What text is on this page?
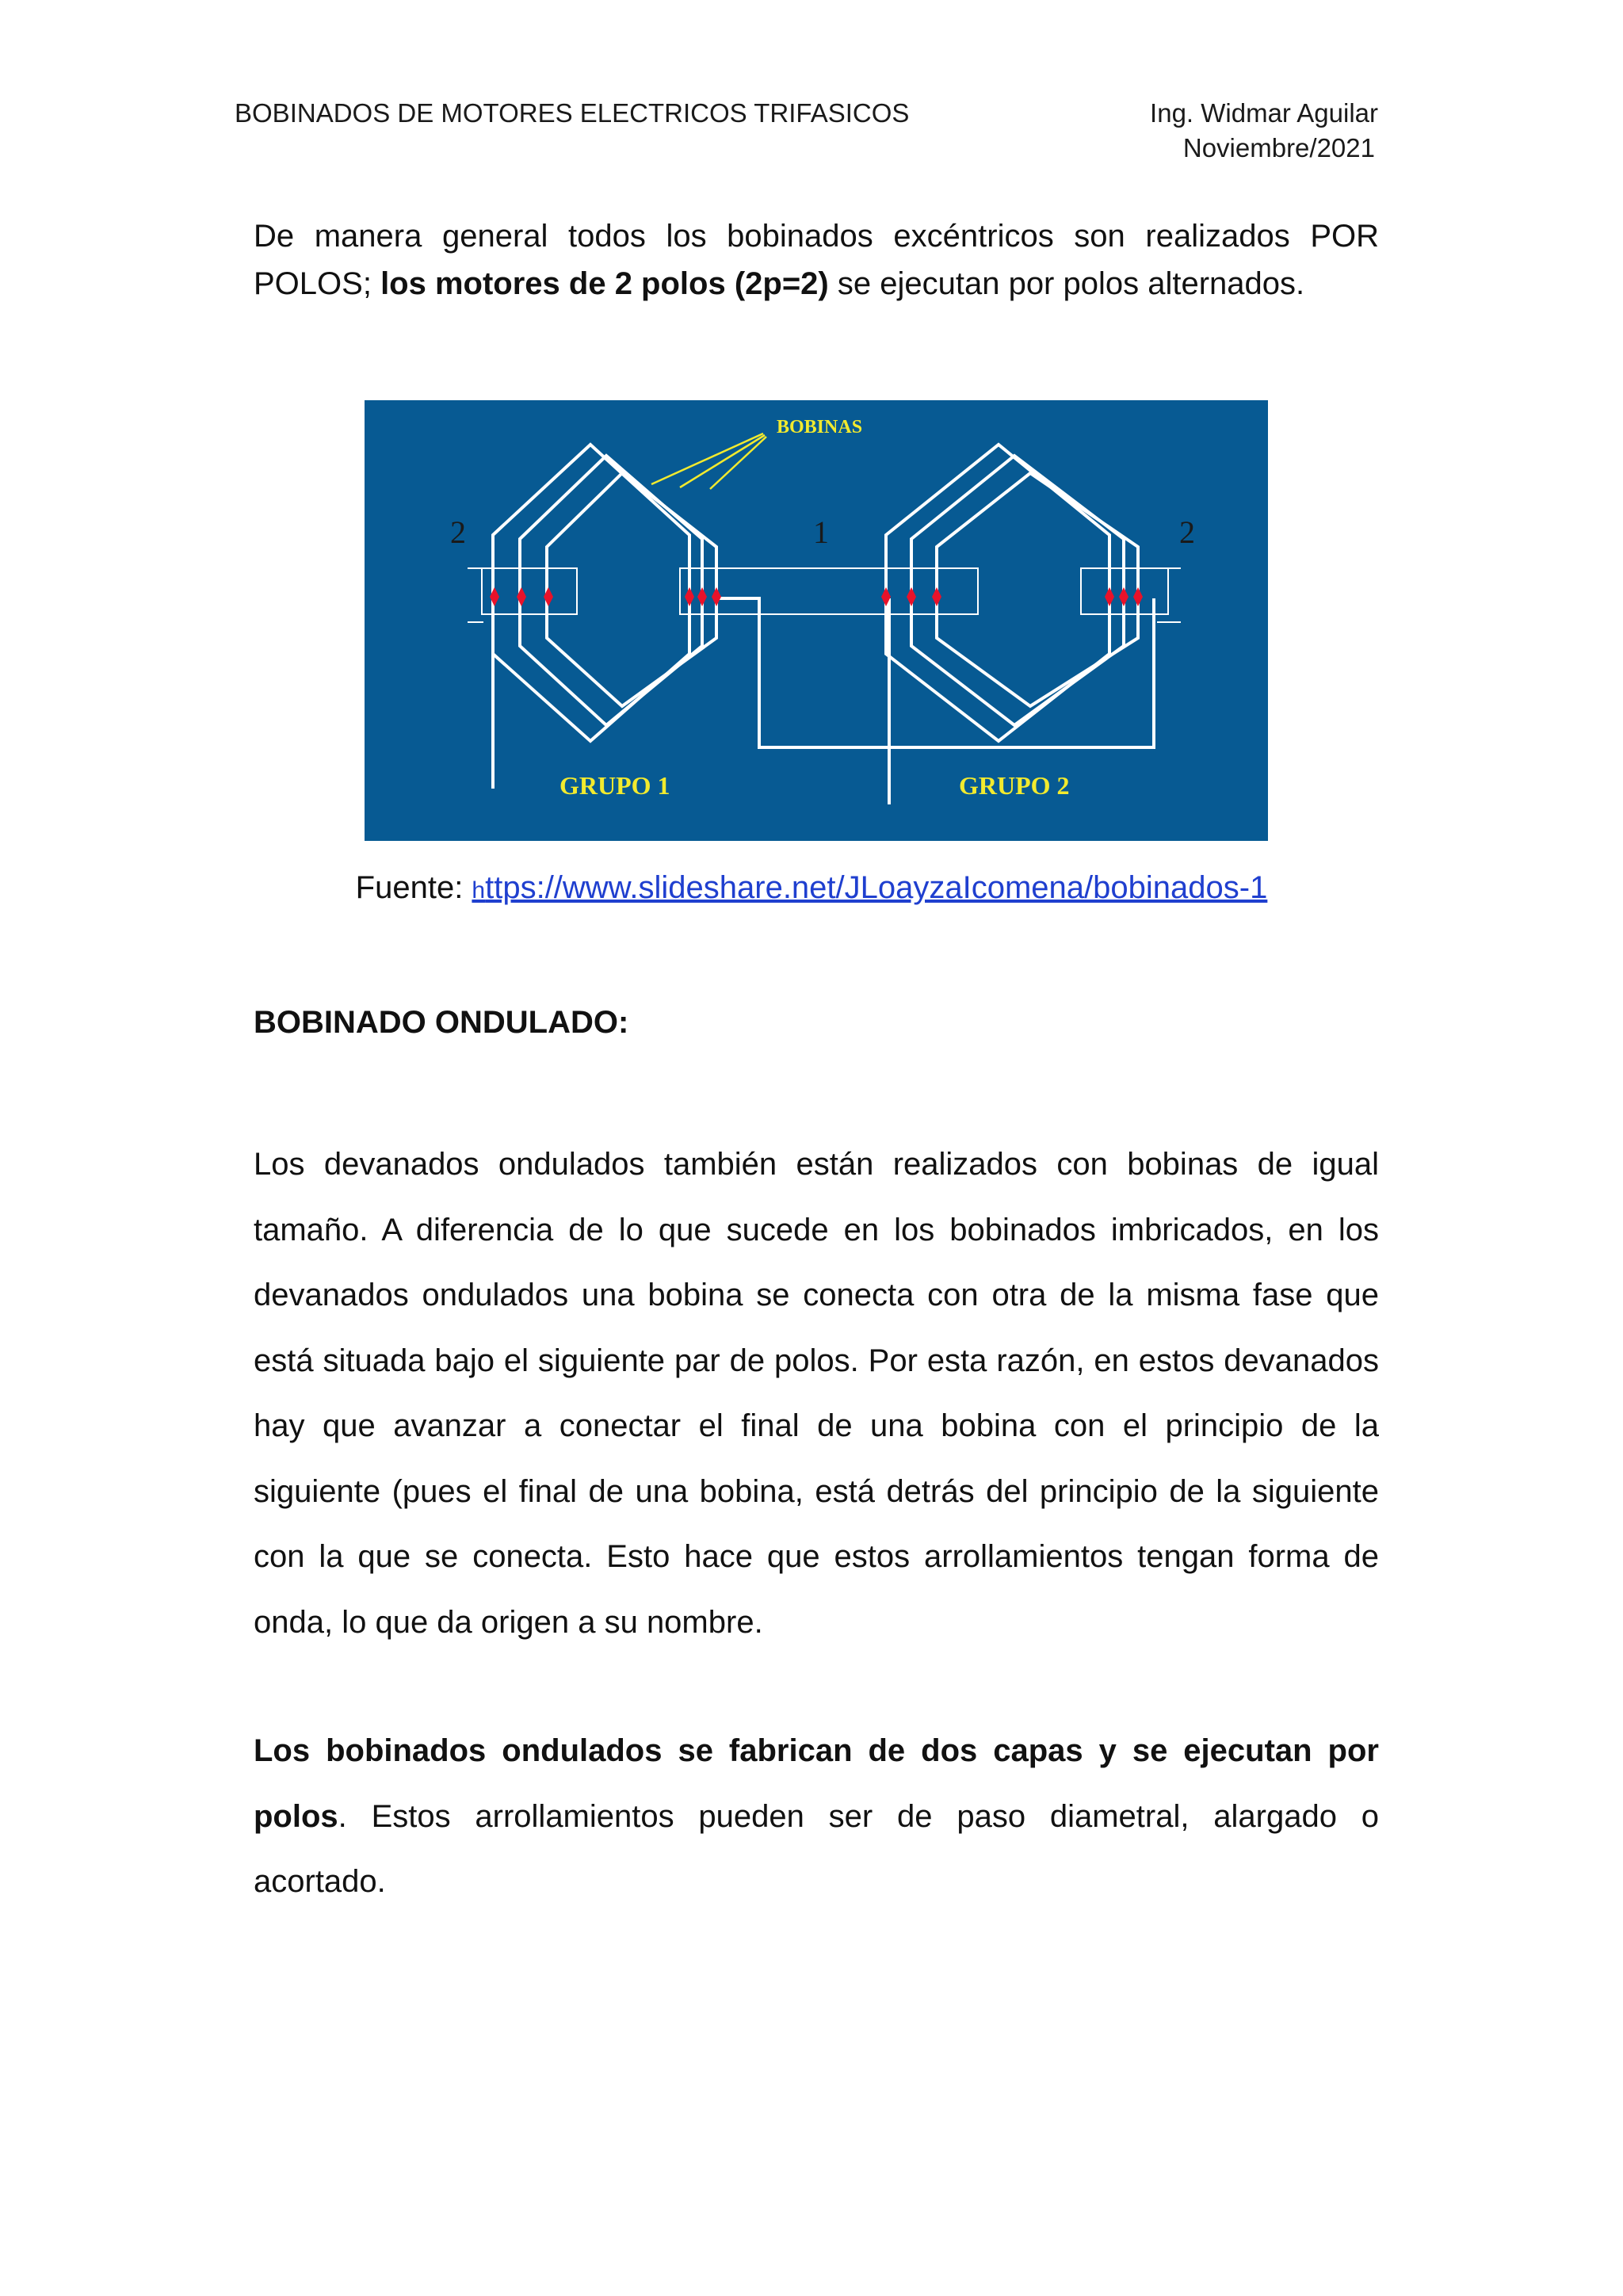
BOBINADOS DE MOTORES ELECTRICOS TRIFASICOS	Ing. Widmar Aguilar
Noviembre/2021
De manera general todos los bobinados excéntricos son realizados POR POLOS; los motores de 2 polos (2p=2) se ejecutan por polos alternados.
BOBINAS
GRUPO 1	GRUPO 2
2	1	2
Fuente: https://www.slideshare.net/JLoayzaIcomena/bobinados-1
BOBINADO ONDULADO:
Los devanados ondulados también están realizados con bobinas de igual tamaño. A diferencia de lo que sucede en los bobinados imbricados, en los devanados ondulados una bobina se conecta con otra de la misma fase que está situada bajo el siguiente par de polos. Por esta razón, en estos devanados hay que avanzar a conectar el final de una bobina con el principio de la siguiente (pues el final de una bobina, está detrás del principio de la siguiente con la que se conecta. Esto hace que estos arrollamientos tengan forma de onda, lo que da origen a su nombre.
Los bobinados ondulados se fabrican de dos capas y se ejecutan por polos. Estos arrollamientos pueden ser de paso diametral, alargado o acortado.
